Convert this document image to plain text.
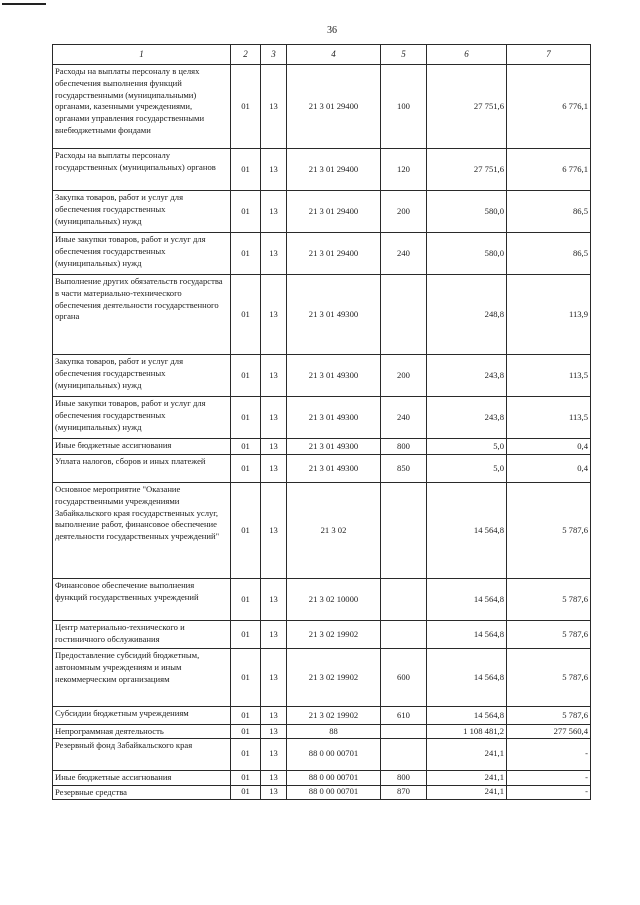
36
1	2	3	4	5	6	7
Расходы на выплаты персоналу в целях обеспечения выполнения функций государственными (муниципальными) органами, казенными учреждениями, органами управления государственными внебюджетными фондами	01	13	21 3 01 29400	100	27 751,6	6 776,1
Расходы на выплаты персоналу государственных (муниципальных) органов	01	13	21 3 01 29400	120	27 751,6	6 776,1
Закупка товаров, работ и услуг для обеспечения государственных (муниципальных) нужд	01	13	21 3 01 29400	200	580,0	86,5
Иные закупки товаров, работ и услуг для обеспечения государственных (муниципальных) нужд	01	13	21 3 01 29400	240	580,0	86,5
Выполнение других обязательств государства в части материально-технического обеспечения деятельности государственного органа	01	13	21 3 01 49300		248,8	113,9
Закупка товаров, работ и услуг для обеспечения государственных (муниципальных) нужд	01	13	21 3 01 49300	200	243,8	113,5
Иные закупки товаров, работ и услуг для обеспечения государственных (муниципальных) нужд	01	13	21 3 01 49300	240	243,8	113,5
Иные бюджетные ассигнования	01	13	21 3 01 49300	800	5,0	0,4
Уплата налогов, сборов и иных платежей	01	13	21 3 01 49300	850	5,0	0,4
Основное мероприятие "Оказание государственными учреждениями Забайкальского края государственных услуг, выполнение работ, финансовое обеспечение деятельности государственных учреждений"	01	13	21 3 02		14 564,8	5 787,6
Финансовое обеспечение выполнения функций государственных учреждений	01	13	21 3 02 10000		14 564,8	5 787,6
Центр материально-технического и гостиничного обслуживания	01	13	21 3 02 19902		14 564,8	5 787,6
Предоставление субсидий бюджетным, автономным учреждениям и иным некоммерческим организациям	01	13	21 3 02 19902	600	14 564,8	5 787,6
Субсидии бюджетным учреждениям	01	13	21 3 02 19902	610	14 564,8	5 787,6
Непрограммная деятельность	01	13	88		1 108 481,2	277 560,4
Резервный фонд Забайкальского края	01	13	88 0 00 00701		241,1	-
Иные бюджетные ассигнования	01	13	88 0 00 00701	800	241,1	-
Резервные средства	01	13	88 0 00 00701	870	241,1	-
